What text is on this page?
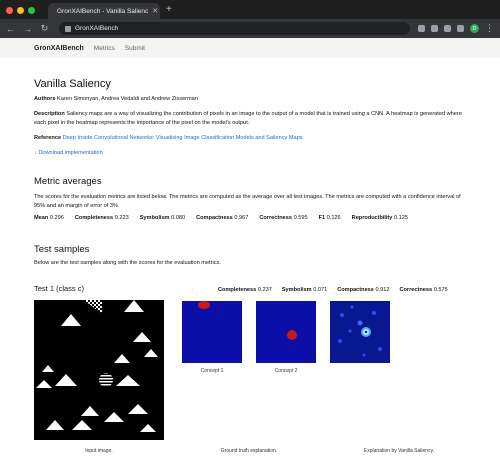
GronXAIBench - Vanilla Salienc ✕ +
← → ↻	GronXAIBench	D ⋮
GronXAIBench Metrics Submit
Vanilla Saliency
Authors Karen Simonyan, Andrea Vedaldi and Andrew Zisserman
Description Saliency maps are a way of visualizing the contribution of pixels in an image to the output of a model that is trained using a CNN. A heatmap is generated where each pixel in the heatmap represents the importance of the pixel on the model's output.
Reference Deep Inside Convolutional Networks: Visualising Image Classification Models and Saliency Maps
↓ Download implementation
Metric averages
The scores for the evaluation metrics are listed below. The metrics are computed as the average over all test images. The metrics are computed with a confidence interval of 95% and an margin of error of 3%.
Mean 0.296 Completeness 0.223 Symbolism 0.080 Compactness 0.967 Correctness 0.595 F1 0.126 Reproducibility 0.125
Test samples
Below are the test samples along with the scores for the evaluation metrics.
Test 1 (class c)	Completeness 0.237 Symbolism 0.071 Compactness 0.912 Correctness 0.575
Concept 1	Concept 2
Input image.	Ground truth explanation.	Explanation by Vanilla Saliency.
